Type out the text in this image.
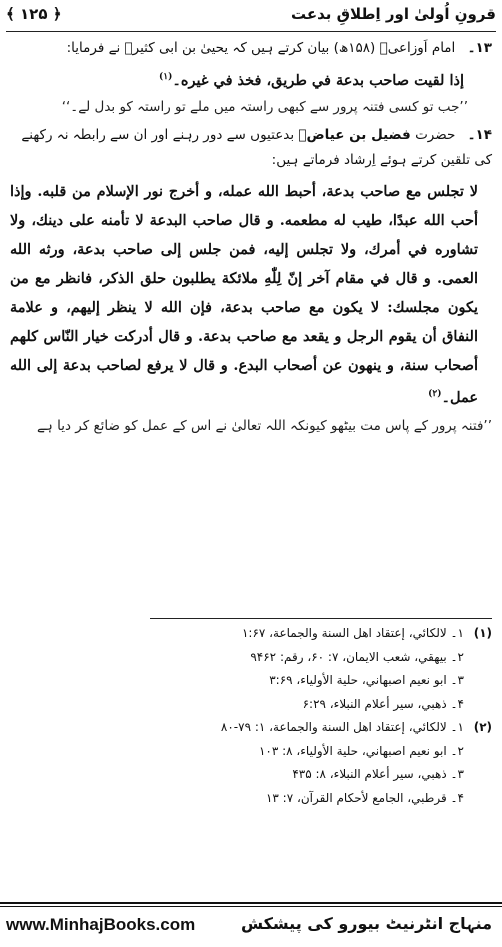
قرونِ اُولیٰ اور اِطلاقِ بدعت
﴿ ۱۲۵ ﴾
۱۳۔ امام اَوزاعیؒ (۱۵۸ھ) بیان کرتے ہیں کہ یحییٰ بن ابی کثیرؒ نے فرمایا:
إذا لقيت صاحب بدعة في طريق، فخذ في غيره۔$^{(۱)}$
’’جب تو کسی فتنہ پرور سے کبھی راستہ میں ملے تو راستہ کو بدل لے۔‘‘
۱۴۔ حضرت فضیل بن عیاضؒ بدعتیوں سے دور رہنے اور ان سے رابطہ نہ رکھنے کی تلقین کرتے ہوئے اِرشاد فرماتے ہیں:
لا تجلس مع صاحب بدعة، أحبط الله عمله، و أخرج نور الإسلام من قلبه. وإذا أحب الله عبدًا، طيب له مطعمه. و قال صاحب البدعة لا تأمنه على دينك، ولا تشاوره في أمرك، ولا تجلس إليه، فمن جلس إلى صاحب بدعة، ورثه الله العمى. و قال في مقام آخر إنّ لِلّٰهِ ملائكة يطلبون حلق الذكر، فانظر مع من يكون مجلسك: لا يكون مع صاحب بدعة، فإن الله لا ينظر إليهم، و علامة النفاق أن يقوم الرجل و يقعد مع صاحب بدعة. و قال أدركت خيار النّاس كلهم أصحاب سنة، و ينهون عن أصحاب البدع. و قال لا يرفع لصاحب بدعة إلى الله عمل۔$^{(۲)}$
’’فتنہ پرور کے پاس مت بیٹھو کیونکہ اللہ تعالیٰ نے اس کے عمل کو ضائع کر دیا ہے
(۱)۱۔ لالكائي، إعتقاد اهل السنة والجماعة، ۱:۶۷
۲۔ بيهقي، شعب الايمان، ۷: ۶۰، رقم: ۹۴۶۲
۳۔ ابو نعيم اصبهاني، حلية الأولياء، ۳:۶۹
۴۔ ذهبي، سير أعلام النبلاء، ۶:۲۹
(۲)۱۔ لالكائي، إعتقاد اهل السنة والجماعة، ۱: ۷۹-۸۰
۲۔ ابو نعيم اصبهاني، حلية الأولياء، ۸: ۱۰۳
۳۔ ذهبي، سير أعلام النبلاء، ۸: ۴۳۵
۴۔ قرطبي، الجامع لأحكام القرآن، ۷: ۱۳
منہاج انٹرنیٹ بیورو کی پیشکش
www.MinhajBooks.com
